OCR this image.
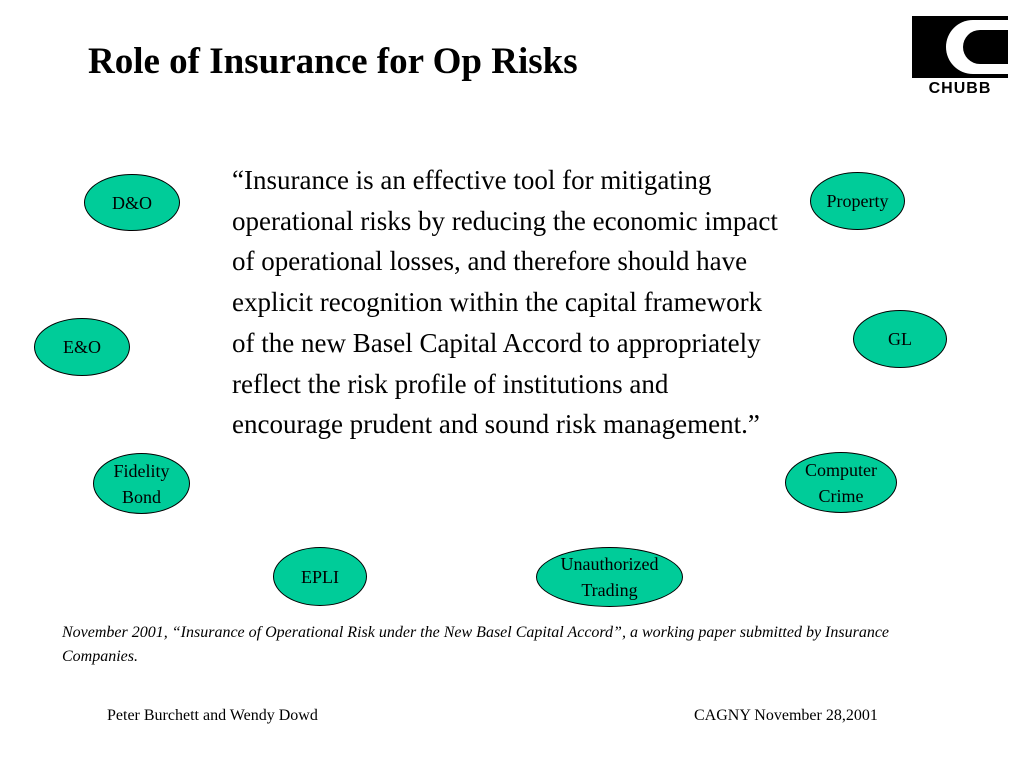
Role of Insurance for Op Risks
CHUBB
“Insurance is an effective tool for mitigating operational risks by reducing the economic impact of operational losses, and therefore should have explicit recognition within the capital framework of the new Basel Capital Accord to appropriately reflect the risk profile of institutions and encourage prudent and sound risk management.”
D&O
E&O
Fidelity
Bond
EPLI
Unauthorized
Trading
Computer
Crime
GL
Property
November 2001, “Insurance of Operational Risk under the New Basel Capital Accord”, a working paper submitted by Insurance Companies.
Peter Burchett and Wendy Dowd	CAGNY November 28,2001
